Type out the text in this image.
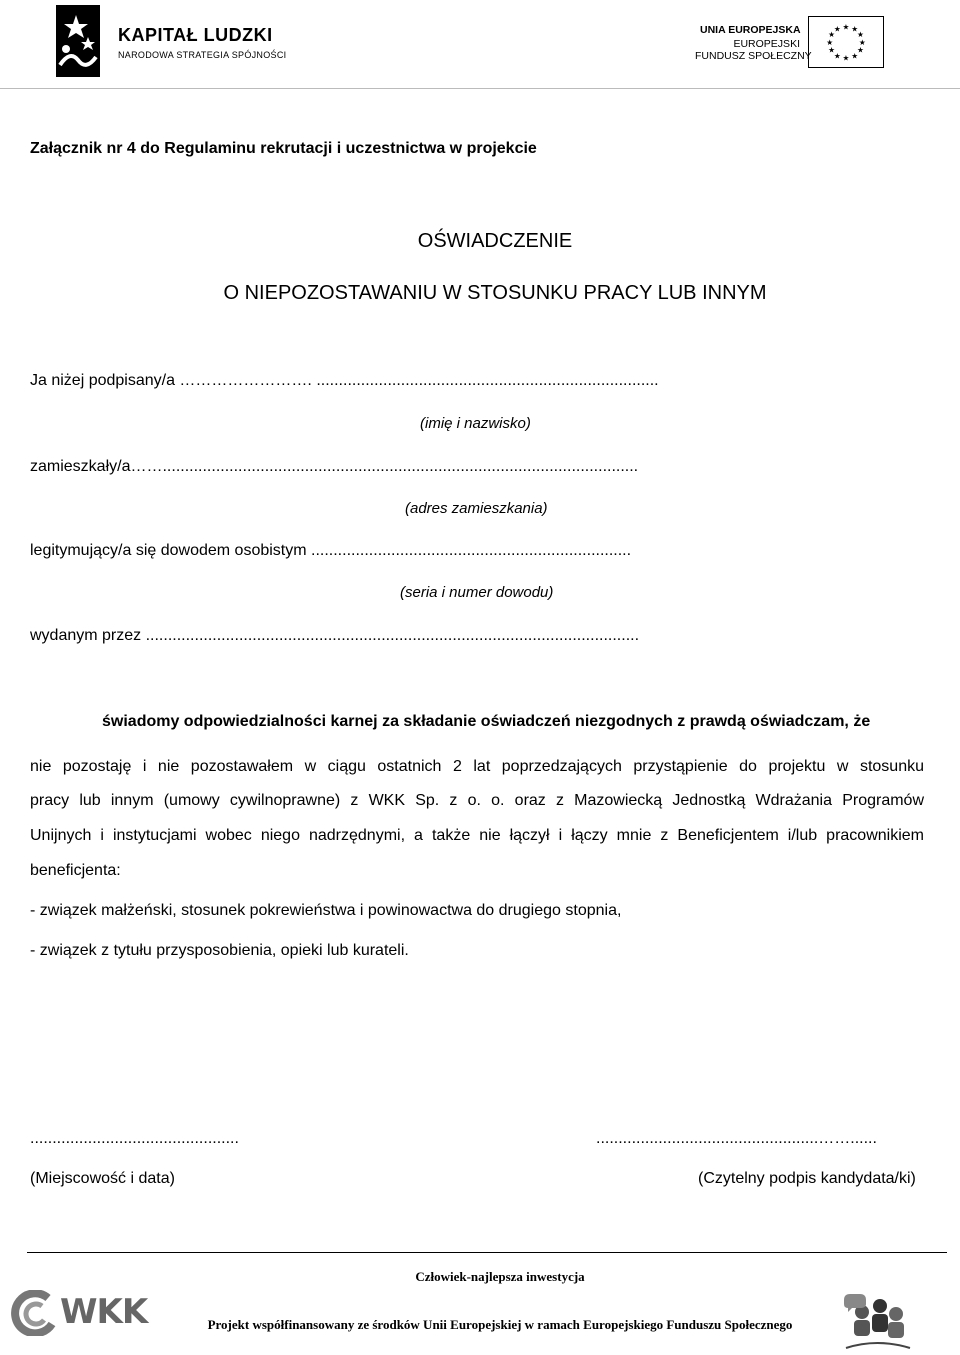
KAPITAŁ LUDZKI
NARODOWA STRATEGIA SPÓJNOŚCI
UNIA EUROPEJSKA
EUROPEJSKI
FUNDUSZ SPOŁECZNY
★ ★
★
★
★
★
★
★
★
★
★
★
Załącznik nr 4 do Regulaminu rekrutacji i uczestnictwa w projekcie
OŚWIADCZENIE
O NIEPOZOSTAWANIU W STOSUNKU PRACY LUB INNYM
Ja niżej podpisany/a ……………………. .............................................................................
(imię i nazwisko)
zamieszkały/a……...........................................................................................................
(adres zamieszkania)
legitymujący/a się dowodem osobistym ........................................................................
(seria i numer dowodu)
wydanym przez ...............................................................................................................
świadomy odpowiedzialności karnej za składanie oświadczeń niezgodnych z prawdą oświadczam, że
nie pozostaję i nie pozostawałem w ciągu ostatnich 2 lat poprzedzających przystąpienie do projektu w stosunku
pracy lub innym (umowy cywilnoprawne) z WKK Sp. z o. o. oraz z Mazowiecką Jednostką Wdrażania Programów
Unijnych i instytucjami wobec niego nadrzędnymi, a także nie łączył i łączy mnie z Beneficjentem i/lub pracownikiem
beneficjenta:
- związek małżeński, stosunek pokrewieństwa i powinowactwa do drugiego stopnia,
- związek z tytułu przysposobienia, opieki lub kurateli.
...............................................
(Miejscowość i data)
..................................................……......
(Czytelny podpis kandydata/ki)
Człowiek-najlepsza inwestycja
WKK	Projekt współfinansowany ze środków Unii Europejskiej w ramach Europejskiego Funduszu Społecznego
